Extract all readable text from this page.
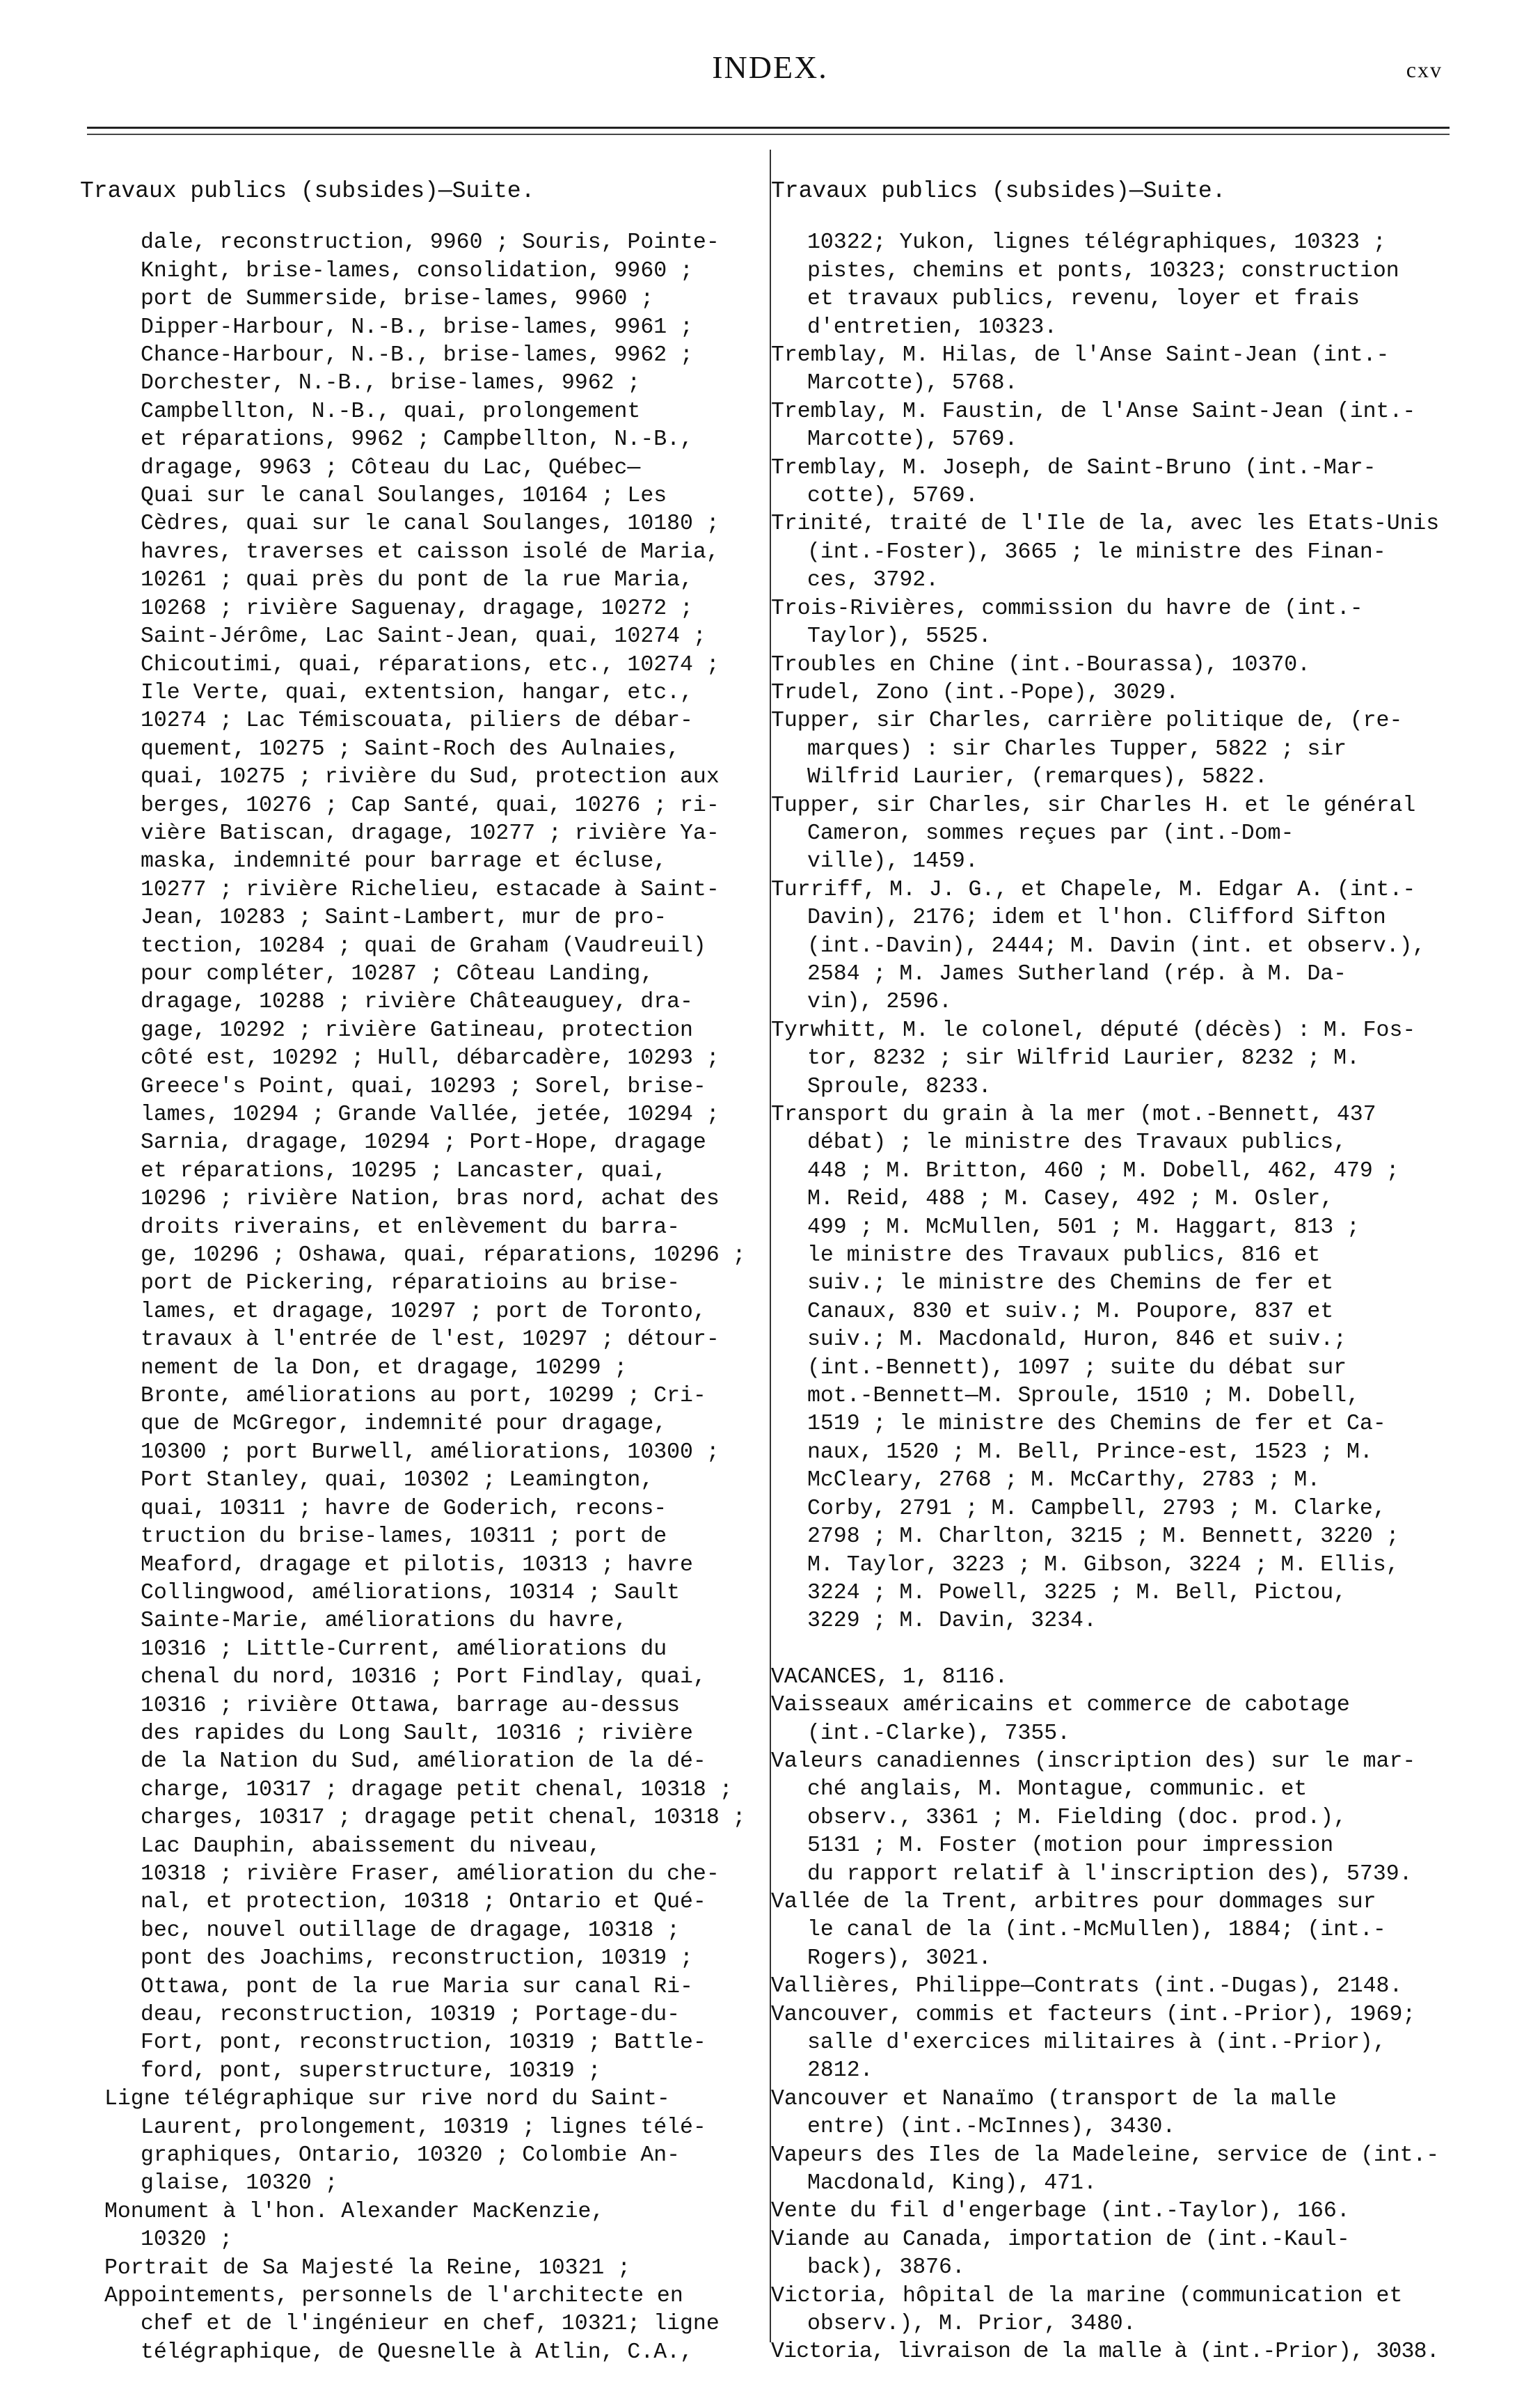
INDEX.	cxv
Travaux publics (subsides)—Suite.
dale, reconstruction, 9960 ; Souris, Pointe-
Knight, brise-lames, consolidation, 9960 ;
port de Summerside, brise-lames, 9960 ;
Dipper-Harbour, N.-B., brise-lames, 9961 ;
Chance-Harbour, N.-B., brise-lames, 9962 ;
Dorchester, N.-B., brise-lames, 9962 ;
Campbellton, N.-B., quai, prolongement
et réparations, 9962 ; Campbellton, N.-B.,
dragage, 9963 ; Côteau du Lac, Québec—
Quai sur le canal Soulanges, 10164 ; Les
Cèdres, quai sur le canal Soulanges, 10180 ;
havres, traverses et caisson isolé de Maria,
10261 ; quai près du pont de la rue Maria,
10268 ; rivière Saguenay, dragage, 10272 ;
Saint-Jérôme, Lac Saint-Jean, quai, 10274 ;
Chicoutimi, quai, réparations, etc., 10274 ;
Ile Verte, quai, extentsion, hangar, etc.,
10274 ; Lac Témiscouata, piliers de débar-
quement, 10275 ; Saint-Roch des Aulnaies,
quai, 10275 ; rivière du Sud, protection aux
berges, 10276 ; Cap Santé, quai, 10276 ; ri-
vière Batiscan, dragage, 10277 ; rivière Ya-
maska, indemnité pour barrage et écluse,
10277 ; rivière Richelieu, estacade à Saint-
Jean, 10283 ; Saint-Lambert, mur de pro-
tection, 10284 ; quai de Graham (Vaudreuil)
pour compléter, 10287 ; Côteau Landing,
dragage, 10288 ; rivière Châteauguey, dra-
gage, 10292 ; rivière Gatineau, protection
côté est, 10292 ; Hull, débarcadère, 10293 ;
Greece's Point, quai, 10293 ; Sorel, brise-
lames, 10294 ; Grande Vallée, jetée, 10294 ;
Sarnia, dragage, 10294 ; Port-Hope, dragage
et réparations, 10295 ; Lancaster, quai,
10296 ; rivière Nation, bras nord, achat des
droits riverains, et enlèvement du barra-
ge, 10296 ; Oshawa, quai, réparations, 10296 ;
port de Pickering, réparatioins au brise-
lames, et dragage, 10297 ; port de Toronto,
travaux à l'entrée de l'est, 10297 ; détour-
nement de la Don, et dragage, 10299 ;
Bronte, améliorations au port, 10299 ; Cri-
que de McGregor, indemnité pour dragage,
10300 ; port Burwell, améliorations, 10300 ;
Port Stanley, quai, 10302 ; Leamington,
quai, 10311 ; havre de Goderich, recons-
truction du brise-lames, 10311 ; port de
Meaford, dragage et pilotis, 10313 ; havre
Collingwood, améliorations, 10314 ; Sault
Sainte-Marie, améliorations du havre,
10316 ; Little-Current, améliorations du
chenal du nord, 10316 ; Port Findlay, quai,
10316 ; rivière Ottawa, barrage au-dessus
des rapides du Long Sault, 10316 ; rivière
de la Nation du Sud, amélioration de la dé-
charge, 10317 ; dragage petit chenal, 10318 ;
charges, 10317 ; dragage petit chenal, 10318 ;
Lac Dauphin, abaissement du niveau,
10318 ; rivière Fraser, amélioration du che-
nal, et protection, 10318 ; Ontario et Qué-
bec, nouvel outillage de dragage, 10318 ;
pont des Joachims, reconstruction, 10319 ;
Ottawa, pont de la rue Maria sur canal Ri-
deau, reconstruction, 10319 ; Portage-du-
Fort, pont, reconstruction, 10319 ; Battle-
ford, pont, superstructure, 10319 ;
Ligne télégraphique sur rive nord du Saint-
Laurent, prolongement, 10319 ; lignes télé-
graphiques, Ontario, 10320 ; Colombie An-
glaise, 10320 ;
Monument à l'hon. Alexander MacKenzie,
10320 ;
Portrait de Sa Majesté la Reine, 10321 ;
Appointements, personnels de l'architecte en
chef et de l'ingénieur en chef, 10321; ligne
télégraphique, de Quesnelle à Atlin, C.A.,
Travaux publics (subsides)—Suite.
10322; Yukon, lignes télégraphiques, 10323 ;
pistes, chemins et ponts, 10323; construction
et travaux publics, revenu, loyer et frais
d'entretien, 10323.
Tremblay, M. Hilas, de l'Anse Saint-Jean (int.-
Marcotte), 5768.
Tremblay, M. Faustin, de l'Anse Saint-Jean (int.-
Marcotte), 5769.
Tremblay, M. Joseph, de Saint-Bruno (int.-Mar-
cotte), 5769.
Trinité, traité de l'Ile de la, avec les Etats-Unis
(int.-Foster), 3665 ; le ministre des Finan-
ces, 3792.
Trois-Rivières, commission du havre de (int.-
Taylor), 5525.
Troubles en Chine (int.-Bourassa), 10370.
Trudel, Zono (int.-Pope), 3029.
Tupper, sir Charles, carrière politique de, (re-
marques) : sir Charles Tupper, 5822 ; sir
Wilfrid Laurier, (remarques), 5822.
Tupper, sir Charles, sir Charles H. et le général
Cameron, sommes reçues par (int.-Dom-
ville), 1459.
Turriff, M. J. G., et Chapele, M. Edgar A. (int.-
Davin), 2176; idem et l'hon. Clifford Sifton
(int.-Davin), 2444; M. Davin (int. et observ.),
2584 ; M. James Sutherland (rép. à M. Da-
vin), 2596.
Tyrwhitt, M. le colonel, député (décès) : M. Fos-
tor, 8232 ; sir Wilfrid Laurier, 8232 ; M.
Sproule, 8233.
Transport du grain à la mer (mot.-Bennett, 437
débat) ; le ministre des Travaux publics,
448 ; M. Britton, 460 ; M. Dobell, 462, 479 ;
M. Reid, 488 ; M. Casey, 492 ; M. Osler,
499 ; M. McMullen, 501 ; M. Haggart, 813 ;
le ministre des Travaux publics, 816 et
suiv.; le ministre des Chemins de fer et
Canaux, 830 et suiv.; M. Poupore, 837 et
suiv.; M. Macdonald, Huron, 846 et suiv.;
(int.-Bennett), 1097 ; suite du débat sur
mot.-Bennett—M. Sproule, 1510 ; M. Dobell,
1519 ; le ministre des Chemins de fer et Ca-
naux, 1520 ; M. Bell, Prince-est, 1523 ; M.
McCleary, 2768 ; M. McCarthy, 2783 ; M.
Corby, 2791 ; M. Campbell, 2793 ; M. Clarke,
2798 ; M. Charlton, 3215 ; M. Bennett, 3220 ;
M. Taylor, 3223 ; M. Gibson, 3224 ; M. Ellis,
3224 ; M. Powell, 3225 ; M. Bell, Pictou,
3229 ; M. Davin, 3234.
VACANCES, 1, 8116.
Vaisseaux américains et commerce de cabotage
(int.-Clarke), 7355.
Valeurs canadiennes (inscription des) sur le mar-
ché anglais, M. Montague, communic. et
observ., 3361 ; M. Fielding (doc. prod.),
5131 ; M. Foster (motion pour impression
du rapport relatif à l'inscription des), 5739.
Vallée de la Trent, arbitres pour dommages sur
le canal de la (int.-McMullen), 1884; (int.-
Rogers), 3021.
Vallières, Philippe—Contrats (int.-Dugas), 2148.
Vancouver, commis et facteurs (int.-Prior), 1969;
salle d'exercices militaires à (int.-Prior),
2812.
Vancouver et Nanaïmo (transport de la malle
entre) (int.-McInnes), 3430.
Vapeurs des Iles de la Madeleine, service de (int.-
Macdonald, King), 471.
Vente du fil d'engerbage (int.-Taylor), 166.
Viande au Canada, importation de (int.-Kaul-
back), 3876.
Victoria, hôpital de la marine (communication et
observ.), M. Prior, 3480.
Victoria, livraison de la malle à (int.-Prior), 3038.
